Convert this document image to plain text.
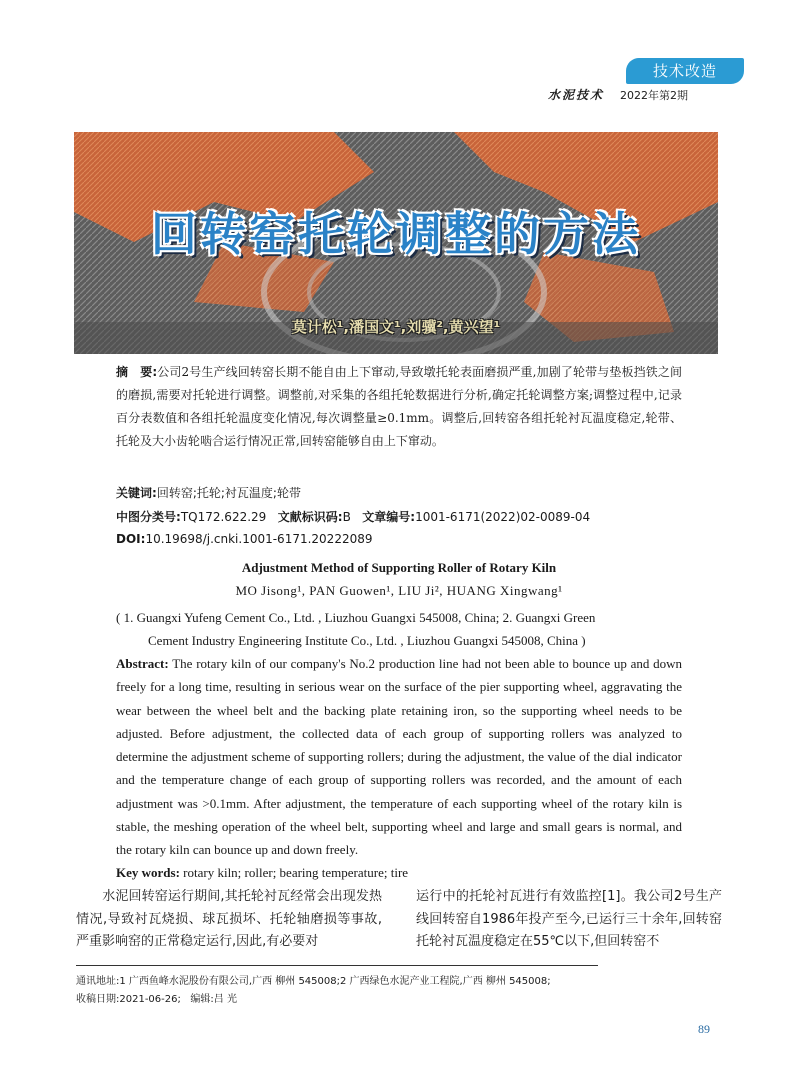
技术改造
水泥技术 2022年第2期
回转窑托轮调整的方法
莫计松¹,潘国文¹,刘骥²,黄兴望¹
摘　要:公司2号生产线回转窑长期不能自由上下窜动,导致墩托轮表面磨损严重,加剧了轮带与垫板挡铁之间的磨损,需要对托轮进行调整。调整前,对采集的各组托轮数据进行分析,确定托轮调整方案;调整过程中,记录百分表数值和各组托轮温度变化情况,每次调整量≥0.1mm。调整后,回转窑各组托轮衬瓦温度稳定,轮带、托轮及大小齿轮啮合运行情况正常,回转窑能够自由上下窜动。
关键词:回转窑;托轮;衬瓦温度;轮带
中图分类号:TQ172.622.29 文献标识码:B 文章编号:1001-6171(2022)02-0089-04
DOI:10.19698/j.cnki.1001-6171.20222089
Adjustment Method of Supporting Roller of Rotary Kiln
MO Jisong¹, PAN Guowen¹, LIU Ji², HUANG Xingwang¹
( 1. Guangxi Yufeng Cement Co., Ltd. , Liuzhou Guangxi 545008, China; 2. Guangxi Green
Cement Industry Engineering Institute Co., Ltd. , Liuzhou Guangxi 545008, China )
Abstract: The rotary kiln of our company's No.2 production line had not been able to bounce up and down freely for a long time, resulting in serious wear on the surface of the pier supporting wheel, aggravating the wear between the wheel belt and the backing plate retaining iron, so the supporting wheel needs to be adjusted. Before adjustment, the collected data of each group of supporting rollers was analyzed to determine the adjustment scheme of supporting rollers; during the adjustment, the value of the dial indicator and the temperature change of each group of supporting rollers was recorded, and the amount of each adjustment was >0.1mm. After adjustment, the temperature of each supporting wheel of the rotary kiln is stable, the meshing operation of the wheel belt, supporting wheel and large and small gears is normal, and the rotary kiln can bounce up and down freely.
Key words: rotary kiln; roller; bearing temperature; tire
　　水泥回转窑运行期间,其托轮衬瓦经常会出现发热情况,导致衬瓦烧损、球瓦损坏、托轮轴磨损等事故,严重影响窑的正常稳定运行,因此,有必要对
运行中的托轮衬瓦进行有效监控[1]。我公司2号生产线回转窑自1986年投产至今,已运行三十余年,回转窑托轮衬瓦温度稳定在55℃以下,但回转窑不
通讯地址:1 广西鱼峰水泥股份有限公司,广西 柳州 545008;2 广西绿色水泥产业工程院,广西 柳州 545008;
收稿日期:2021-06-26; 编辑:吕 光
89
